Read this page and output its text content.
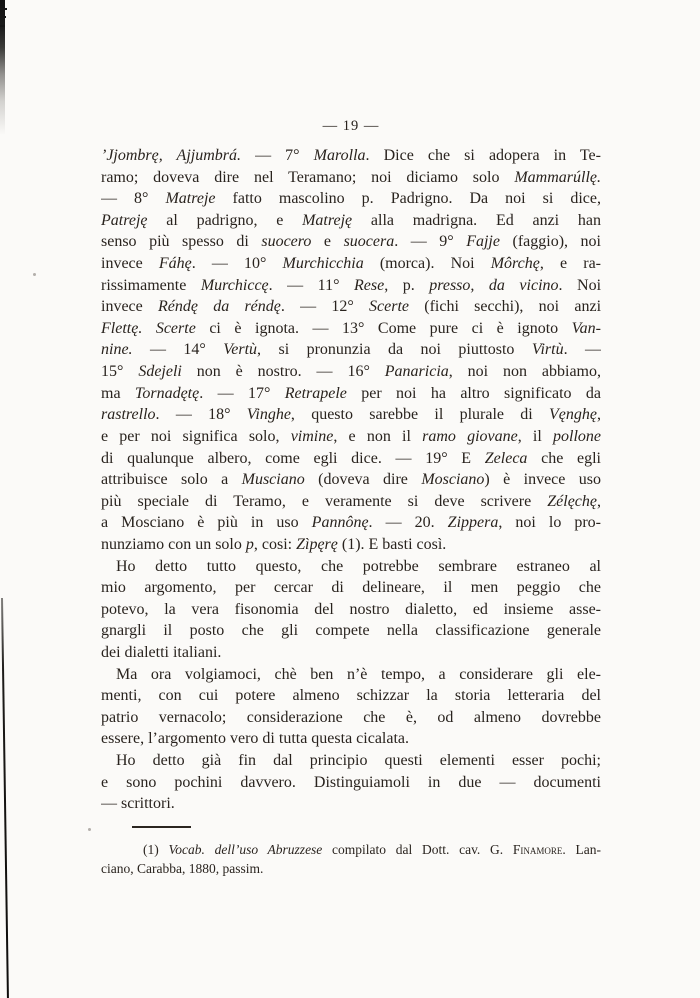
— 19 —
’Jjombrę, Ajjumbrá. — 7° Marolla. Dice che si adopera in Te-
ramo; doveva dire nel Teramano; noi diciamo solo Mammarúllę.
— 8° Matreje fatto mascolino p. Padrigno. Da noi si dice,
Patreję al padrigno, e Matreję alla madrigna. Ed anzi han
senso più spesso di suocero e suocera. — 9° Fajje (faggio), noi
invece Fáhę. — 10° Murchicchia (morca). Noi Môrchę, e ra-
rissimamente Murchiccę. — 11° Rese, p. presso, da vicino. Noi
invece Réndę da réndę. — 12° Scerte (fichi secchi), noi anzi
Flettę. Scerte ci è ignota. — 13° Come pure ci è ignoto Van-
nine. — 14° Vertù, si pronunzia da noi piuttosto Virtù. —
15° Sdejeli non è nostro. — 16° Panaricia, noi non abbiamo,
ma Tornadętę. — 17° Retrapele per noi ha altro significato da
rastrello. — 18° Vinghe, questo sarebbe il plurale di Vęnghę,
e per noi significa solo, vimine, e non il ramo giovane, il pollone
di qualunque albero, come egli dice. — 19° E Zeleca che egli
attribuisce solo a Musciano (doveva dire Mosciano) è invece uso
più speciale di Teramo, e veramente si deve scrivere Zélęchę,
a Mosciano è più in uso Pannônę. — 20. Zippera, noi lo pro-
nunziamo con un solo p, cosi: Zìpęrę (1). E basti così.
Ho detto tutto questo, che potrebbe sembrare estraneo al
mio argomento, per cercar di delineare, il men peggio che
potevo, la vera fisonomia del nostro dialetto, ed insieme asse-
gnargli il posto che gli compete nella classificazione generale
dei dialetti italiani.
Ma ora volgiamoci, chè ben n’è tempo, a considerare gli ele-
menti, con cui potere almeno schizzar la storia letteraria del
patrio vernacolo; considerazione che è, od almeno dovrebbe
essere, l’argomento vero di tutta questa cicalata.
Ho detto già fin dal principio questi elementi esser pochi;
e sono pochini davvero. Distinguiamoli in due — documenti
— scrittori.
(1) Vocab. dell’uso Abruzzese compilato dal Dott. cav. G. Finamore. Lan-
ciano, Carabba, 1880, passim.
